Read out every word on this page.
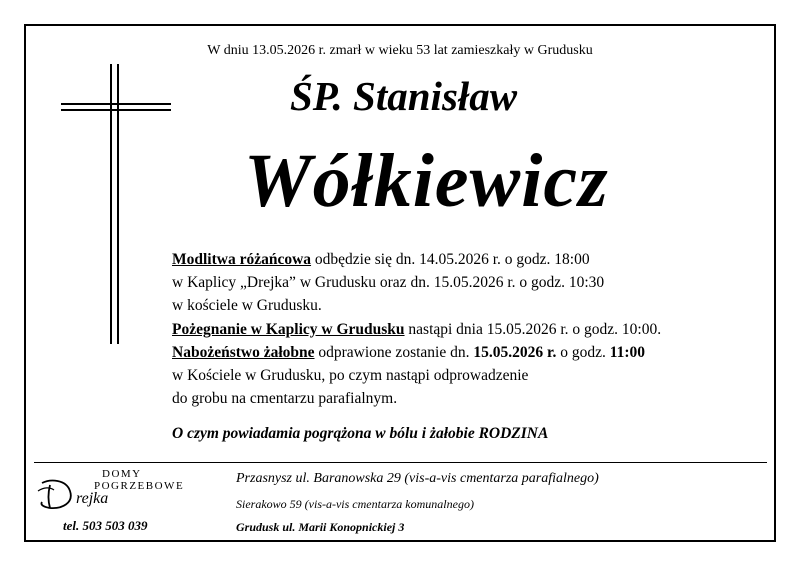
W dniu 13.05.2026 r. zmarł w wieku 53 lat zamieszkały w Grudusku
ŚP. Stanisław
Wółkiewicz
Modlitwa różańcowa odbędzie się dn. 14.05.2026 r. o godz. 18:00
w Kaplicy „Drejka” w Grudusku oraz dn. 15.05.2026 r. o godz. 10:30
w kościele w Grudusku.
Pożegnanie w Kaplicy w Grudusku nastąpi dnia 15.05.2026 r. o godz. 10:00.
Nabożeństwo żałobne odprawione zostanie dn. 15.05.2026 r. o godz. 11:00
w Kościele w Grudusku, po czym nastąpi odprowadzenie
do grobu na cmentarzu parafialnym.
O czym powiadamia pogrążona w bólu i żałobie RODZINA
DOMY
POGRZEBOWE
rejka
tel. 503 503 039
Przasnysz ul. Baranowska 29 (vis-a-vis cmentarza parafialnego)
Sierakowo 59 (vis-a-vis cmentarza komunalnego)
Grudusk ul. Marii Konopnickiej 3
